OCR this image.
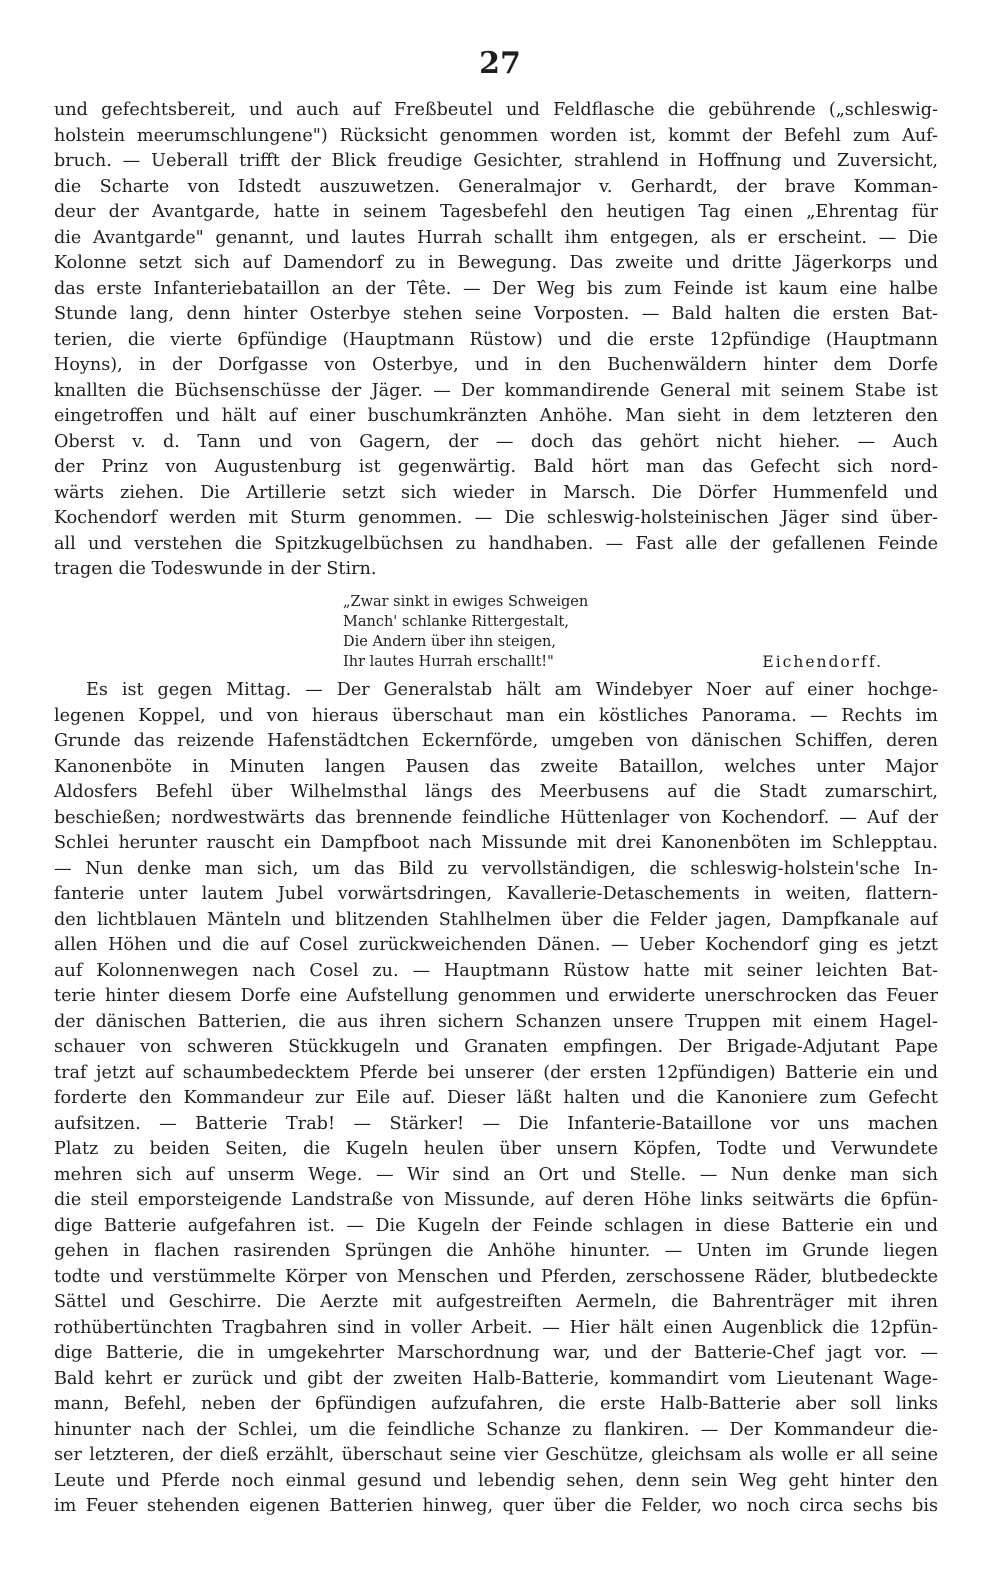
27
und gefechtsbereit, und auch auf Freßbeutel und Feldflasche die gebührende („schleswig-
holstein meerumschlungene") Rücksicht genommen worden ist, kommt der Befehl zum Auf-
bruch. — Ueberall trifft der Blick freudige Gesichter, strahlend in Hoffnung und Zuversicht,
die Scharte von Idstedt auszuwetzen. Generalmajor v. Gerhardt, der brave Komman-
deur der Avantgarde, hatte in seinem Tagesbefehl den heutigen Tag einen „Ehrentag für
die Avantgarde" genannt, und lautes Hurrah schallt ihm entgegen, als er erscheint. — Die
Kolonne setzt sich auf Damendorf zu in Bewegung. Das zweite und dritte Jägerkorps und
das erste Infanteriebataillon an der Tête. — Der Weg bis zum Feinde ist kaum eine halbe
Stunde lang, denn hinter Osterbye stehen seine Vorposten. — Bald halten die ersten Bat-
terien, die vierte 6pfündige (Hauptmann Rüstow) und die erste 12pfündige (Hauptmann
Hoyns), in der Dorfgasse von Osterbye, und in den Buchenwäldern hinter dem Dorfe
knallten die Büchsenschüsse der Jäger. — Der kommandirende General mit seinem Stabe ist
eingetroffen und hält auf einer buschumkränzten Anhöhe. Man sieht in dem letzteren den
Oberst v. d. Tann und von Gagern, der — doch das gehört nicht hieher. — Auch
der Prinz von Augustenburg ist gegenwärtig. Bald hört man das Gefecht sich nord-
wärts ziehen. Die Artillerie setzt sich wieder in Marsch. Die Dörfer Hummenfeld und
Kochendorf werden mit Sturm genommen. — Die schleswig-holsteinischen Jäger sind über-
all und verstehen die Spitzkugelbüchsen zu handhaben. — Fast alle der gefallenen Feinde
tragen die Todeswunde in der Stirn.
„Zwar sinkt in ewiges Schweigen
Manch' schlanke Rittergestalt,
Die Andern über ihn steigen,
Ihr lautes Hurrah erschallt!"	Eichendorff.
Es ist gegen Mittag. — Der Generalstab hält am Windebyer Noer auf einer hochge-
legenen Koppel, und von hieraus überschaut man ein köstliches Panorama. — Rechts im
Grunde das reizende Hafenstädtchen Eckernförde, umgeben von dänischen Schiffen, deren
Kanonenböte in Minuten langen Pausen das zweite Bataillon, welches unter Major
Aldosfers Befehl über Wilhelmsthal längs des Meerbusens auf die Stadt zumarschirt,
beschießen; nordwestwärts das brennende feindliche Hüttenlager von Kochendorf. — Auf der
Schlei herunter rauscht ein Dampfboot nach Missunde mit drei Kanonenböten im Schlepptau.
— Nun denke man sich, um das Bild zu vervollständigen, die schleswig-holstein'sche In-
fanterie unter lautem Jubel vorwärtsdringen, Kavallerie-Detaschements in weiten, flattern-
den lichtblauen Mänteln und blitzenden Stahlhelmen über die Felder jagen, Dampfkanale auf
allen Höhen und die auf Cosel zurückweichenden Dänen. — Ueber Kochendorf ging es jetzt
auf Kolonnenwegen nach Cosel zu. — Hauptmann Rüstow hatte mit seiner leichten Bat-
terie hinter diesem Dorfe eine Aufstellung genommen und erwiderte unerschrocken das Feuer
der dänischen Batterien, die aus ihren sichern Schanzen unsere Truppen mit einem Hagel-
schauer von schweren Stückkugeln und Granaten empfingen. Der Brigade-Adjutant Pape
traf jetzt auf schaumbedecktem Pferde bei unserer (der ersten 12pfündigen) Batterie ein und
forderte den Kommandeur zur Eile auf. Dieser läßt halten und die Kanoniere zum Gefecht
aufsitzen. — Batterie Trab! — Stärker! — Die Infanterie-Bataillone vor uns machen
Platz zu beiden Seiten, die Kugeln heulen über unsern Köpfen, Todte und Verwundete
mehren sich auf unserm Wege. — Wir sind an Ort und Stelle. — Nun denke man sich
die steil emporsteigende Landstraße von Missunde, auf deren Höhe links seitwärts die 6pfün-
dige Batterie aufgefahren ist. — Die Kugeln der Feinde schlagen in diese Batterie ein und
gehen in flachen rasirenden Sprüngen die Anhöhe hinunter. — Unten im Grunde liegen
todte und verstümmelte Körper von Menschen und Pferden, zerschossene Räder, blutbedeckte
Sättel und Geschirre. Die Aerzte mit aufgestreiften Aermeln, die Bahrenträger mit ihren
rothübertünchten Tragbahren sind in voller Arbeit. — Hier hält einen Augenblick die 12pfün-
dige Batterie, die in umgekehrter Marschordnung war, und der Batterie-Chef jagt vor. —
Bald kehrt er zurück und gibt der zweiten Halb-Batterie, kommandirt vom Lieutenant Wage-
mann, Befehl, neben der 6pfündigen aufzufahren, die erste Halb-Batterie aber soll links
hinunter nach der Schlei, um die feindliche Schanze zu flankiren. — Der Kommandeur die-
ser letzteren, der dieß erzählt, überschaut seine vier Geschütze, gleichsam als wolle er all seine
Leute und Pferde noch einmal gesund und lebendig sehen, denn sein Weg geht hinter den
im Feuer stehenden eigenen Batterien hinweg, quer über die Felder, wo noch circa sechs bis
